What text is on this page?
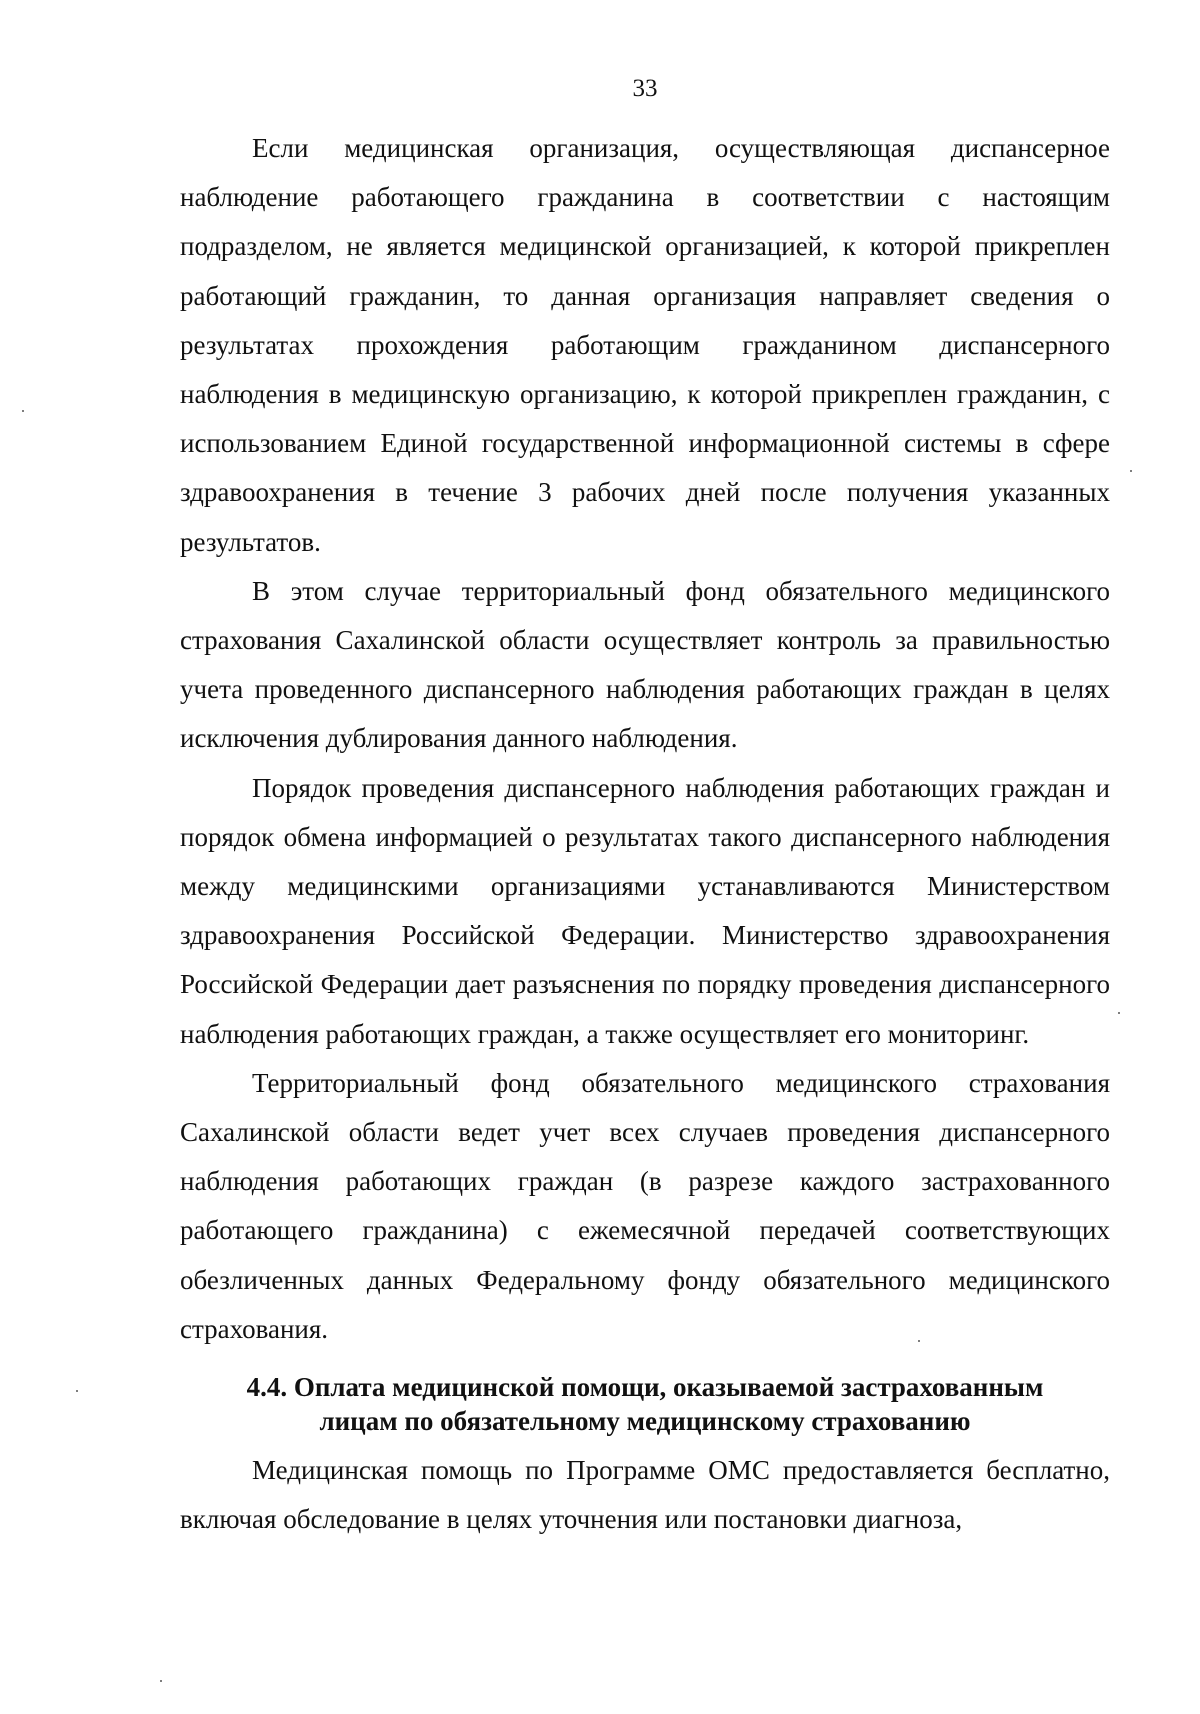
33

Если медицинская организация, осуществляющая диспансерное наблюдение работающего гражданина в соответствии с настоящим подразделом, не является медицинской организацией, к которой прикреплен работающий гражданин, то данная организация направляет сведения о результатах прохождения работающим гражданином диспансерного наблюдения в медицинскую организацию, к которой прикреплен гражданин, с использованием Единой государственной информационной системы в сфере здравоохранения в течение 3 рабочих дней после получения указанных результатов.

В этом случае территориальный фонд обязательного медицинского страхования Сахалинской области осуществляет контроль за правильностью учета проведенного диспансерного наблюдения работающих граждан в целях исключения дублирования данного наблюдения.

Порядок проведения диспансерного наблюдения работающих граждан и порядок обмена информацией о результатах такого диспансерного наблюдения между медицинскими организациями устанавливаются Министерством здравоохранения Российской Федерации. Министерство здравоохранения Российской Федерации дает разъяснения по порядку проведения диспансерного наблюдения работающих граждан, а также осуществляет его мониторинг.

Территориальный фонд обязательного медицинского страхования Сахалинской области ведет учет всех случаев проведения диспансерного наблюдения работающих граждан (в разрезе каждого застрахованного работающего гражданина) с ежемесячной передачей соответствующих обезличенных данных Федеральному фонду обязательного медицинского страхования.

4.4. Оплата медицинской помощи, оказываемой застрахованным лицам по обязательному медицинскому страхованию

Медицинская помощь по Программе ОМС предоставляется бесплатно, включая обследование в целях уточнения или постановки диагноза,
